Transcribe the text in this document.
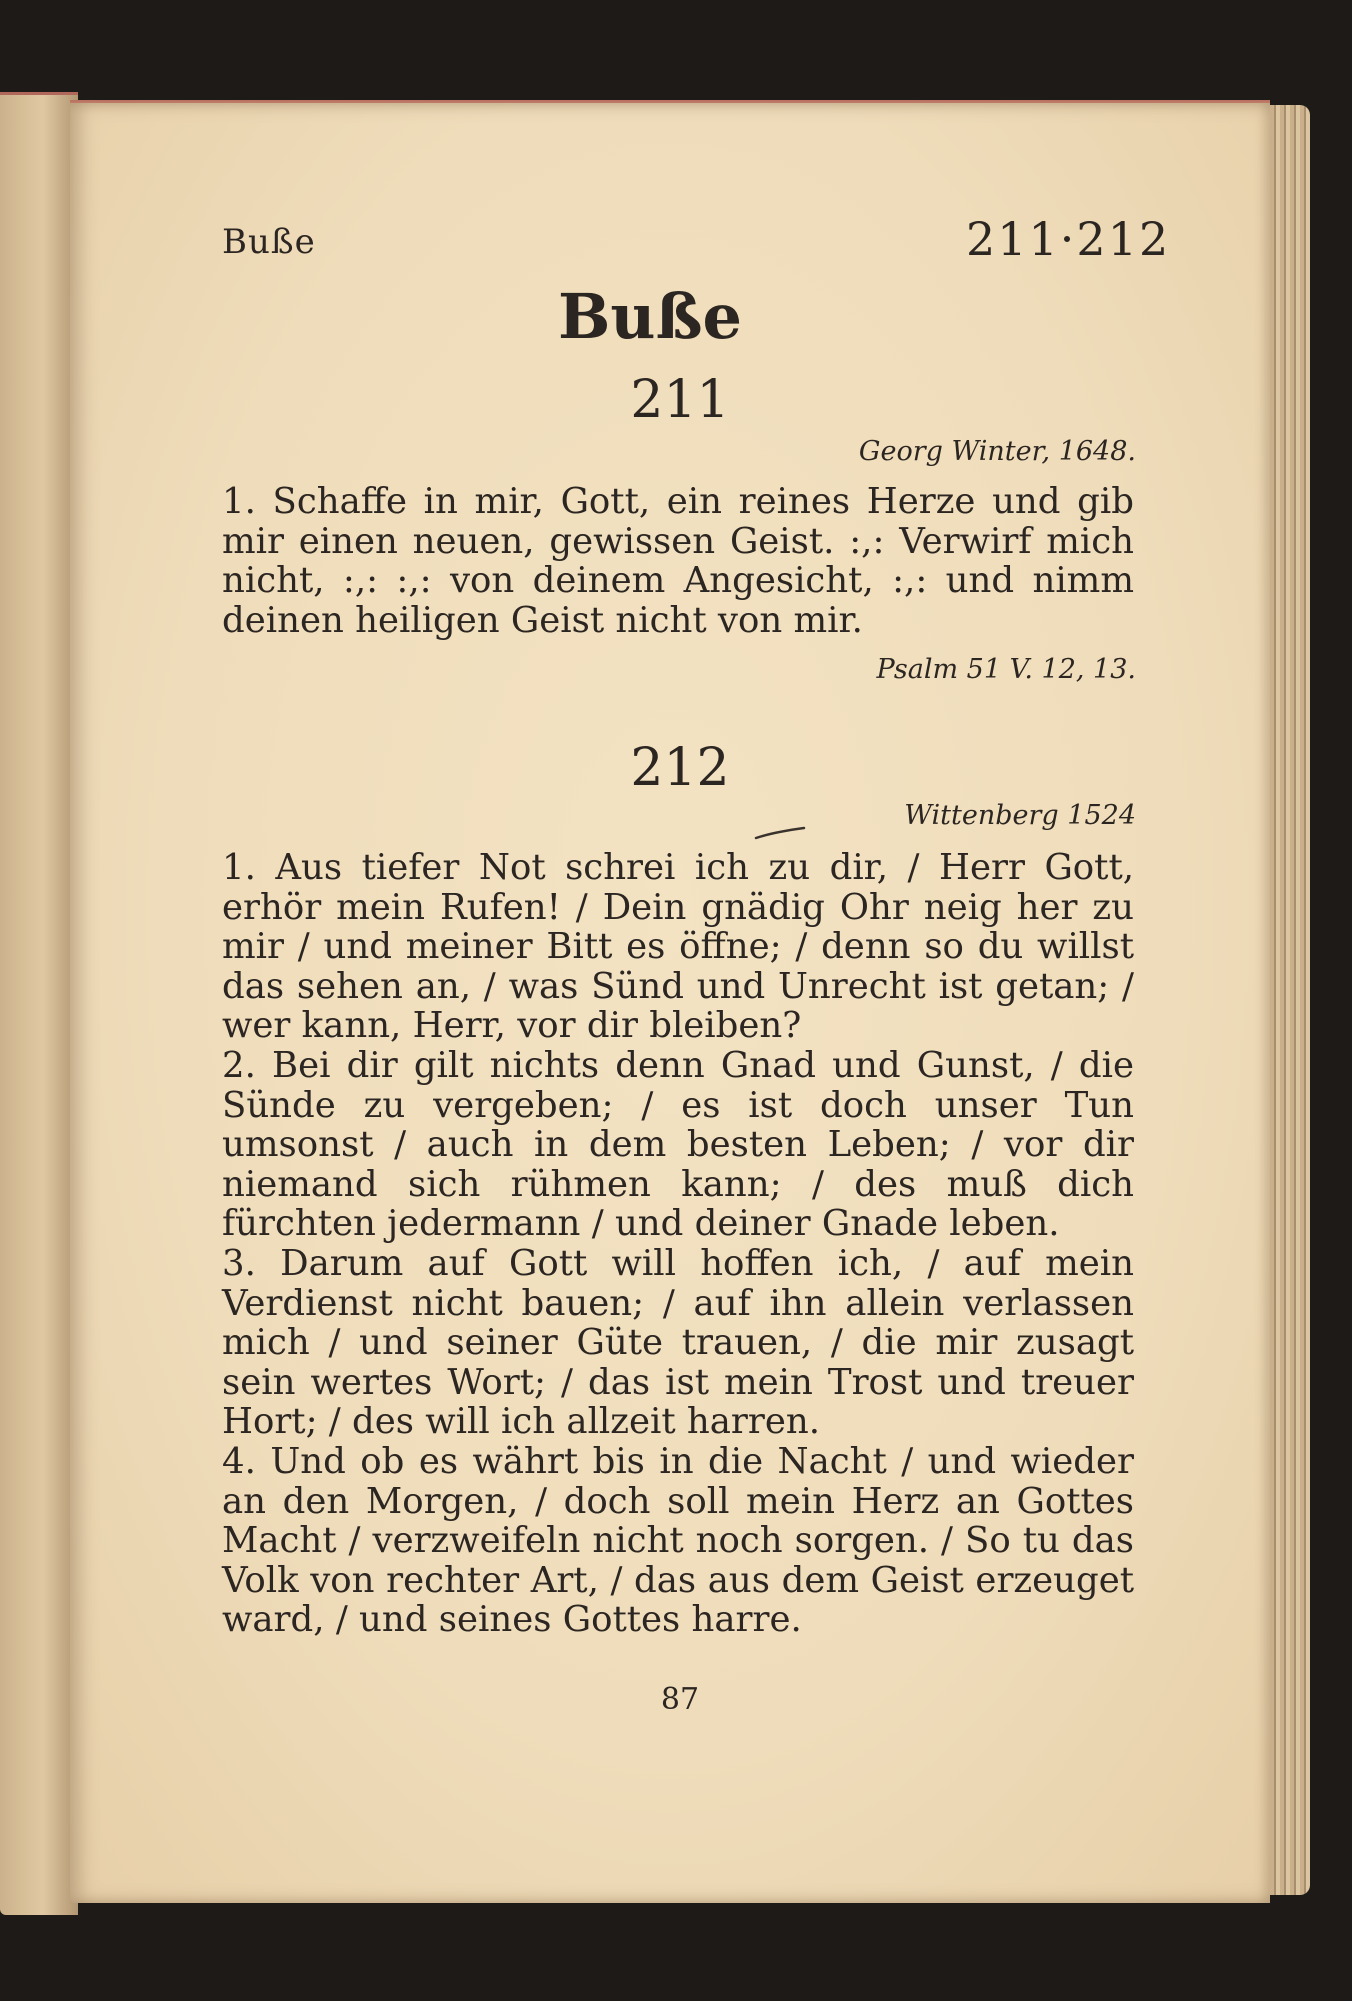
Buße	211·212
Buße
211
Georg Winter, 1648.
1. Schaffe in mir, Gott, ein reines Herze und gib mir einen neuen, gewissen Geist. :,: Verwirf mich nicht, :,: :,: von deinem Angesicht, :,: und nimm deinen heiligen Geist nicht von mir.
Psalm 51 V. 12, 13.
212
Wittenberg 1524
1. Aus tiefer Not schrei ich zu dir, / Herr Gott, erhör mein Rufen! / Dein gnädig Ohr neig her zu mir / und meiner Bitt es öffne; / denn so du willst das sehen an, / was Sünd und Unrecht ist getan; / wer kann, Herr, vor dir bleiben?
2. Bei dir gilt nichts denn Gnad und Gunst, / die Sünde zu vergeben; / es ist doch unser Tun umsonst / auch in dem besten Leben; / vor dir niemand sich rühmen kann; / des muß dich fürchten jedermann / und deiner Gnade leben.
3. Darum auf Gott will hoffen ich, / auf mein Verdienst nicht bauen; / auf ihn allein verlassen mich / und seiner Güte trauen, / die mir zusagt sein wertes Wort; / das ist mein Trost und treuer Hort; / des will ich allzeit harren.
4. Und ob es währt bis in die Nacht / und wieder an den Morgen, / doch soll mein Herz an Gottes Macht / verzweifeln nicht noch sorgen. / So tu das Volk von rechter Art, / das aus dem Geist erzeuget ward, / und seines Gottes harre.
87
